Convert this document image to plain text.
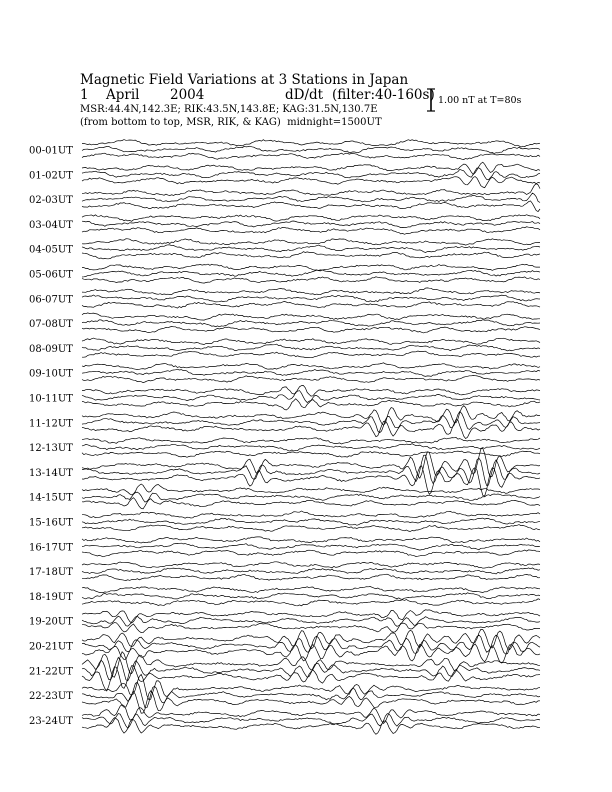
Magnetic Field Variations at 3 Stations in Japan
1 April 2004	dD/dt (filter:40-160s)
MSR:44.4N,142.3E; RIK:43.5N,143.8E; KAG:31.5N,130.7E
(from bottom to top, MSR, RIK, & KAG) midnight=1500UT
1.00 nT at T=80s
00-01UT
01-02UT
02-03UT
03-04UT
04-05UT
05-06UT
06-07UT
07-08UT
08-09UT
09-10UT
10-11UT
11-12UT
12-13UT
13-14UT
14-15UT
15-16UT
16-17UT
17-18UT
18-19UT
19-20UT
20-21UT
21-22UT
22-23UT
23-24UT
